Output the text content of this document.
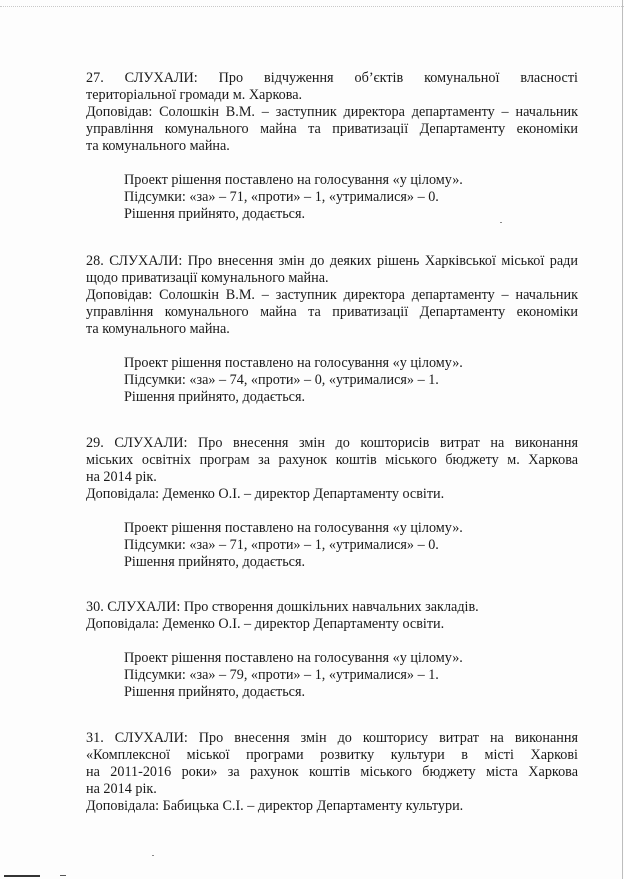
27. СЛУХАЛИ: Про відчуження об’єктів комунальної власності
територіальної громади м. Харкова.
Доповідав: Солошкін В.М. – заступник директора департаменту – начальник
управління комунального майна та приватизації Департаменту економіки
та комунального майна.
Проект рішення поставлено на голосування «у цілому».
Підсумки: «за» – 71, «проти» – 1, «утрималися» – 0.
Рішення прийнято, додається.
28. СЛУХАЛИ: Про внесення змін до деяких рішень Харківської міської ради
щодо приватизації комунального майна.
Доповідав: Солошкін В.М. – заступник директора департаменту – начальник
управління комунального майна та приватизації Департаменту економіки
та комунального майна.
Проект рішення поставлено на голосування «у цілому».
Підсумки: «за» – 74, «проти» – 0, «утрималися» – 1.
Рішення прийнято, додається.
29. СЛУХАЛИ: Про внесення змін до кошторисів витрат на виконання
міських освітніх програм за рахунок коштів міського бюджету м. Харкова
на 2014 рік.
Доповідала: Деменко О.І. – директор Департаменту освіти.
Проект рішення поставлено на голосування «у цілому».
Підсумки: «за» – 71, «проти» – 1, «утрималися» – 0.
Рішення прийнято, додається.
30. СЛУХАЛИ: Про створення дошкільних навчальних закладів.
Доповідала: Деменко О.І. – директор Департаменту освіти.
Проект рішення поставлено на голосування «у цілому».
Підсумки: «за» – 79, «проти» – 1, «утрималися» – 1.
Рішення прийнято, додається.
31. СЛУХАЛИ: Про внесення змін до кошторису витрат на виконання
«Комплексної міської програми розвитку культури в місті Харкові
на 2011-2016 роки» за рахунок коштів міського бюджету міста Харкова
на 2014 рік.
Доповідала: Бабицька С.І. – директор Департаменту культури.
